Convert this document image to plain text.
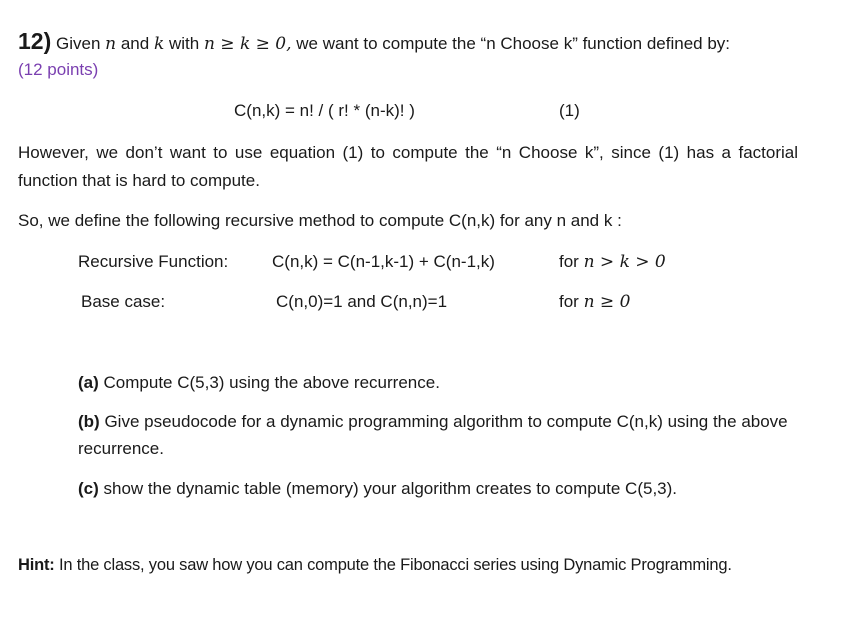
12) Given n and k with n ≥ k ≥ 0, we want to compute the “n Choose k” function defined by:
(12 points)
C(n,k) = n! / ( r! * (n-k)! )	(1)
However, we don’t want to use equation (1) to compute the “n Choose k”, since (1) has a factorial function that is hard to compute.
So, we define the following recursive method to compute C(n,k) for any n and k :
Recursive Function:	C(n,k) = C(n-1,k-1) + C(n-1,k)	for n > k > 0
Base case:	C(n,0)=1 and C(n,n)=1	for n ≥ 0
(a) Compute C(5,3) using the above recurrence.
(b) Give pseudocode for a dynamic programming algorithm to compute C(n,k) using the above recurrence.
(c) show the dynamic table (memory) your algorithm creates to compute C(5,3).
Hint: In the class, you saw how you can compute the Fibonacci series using Dynamic Programming.
